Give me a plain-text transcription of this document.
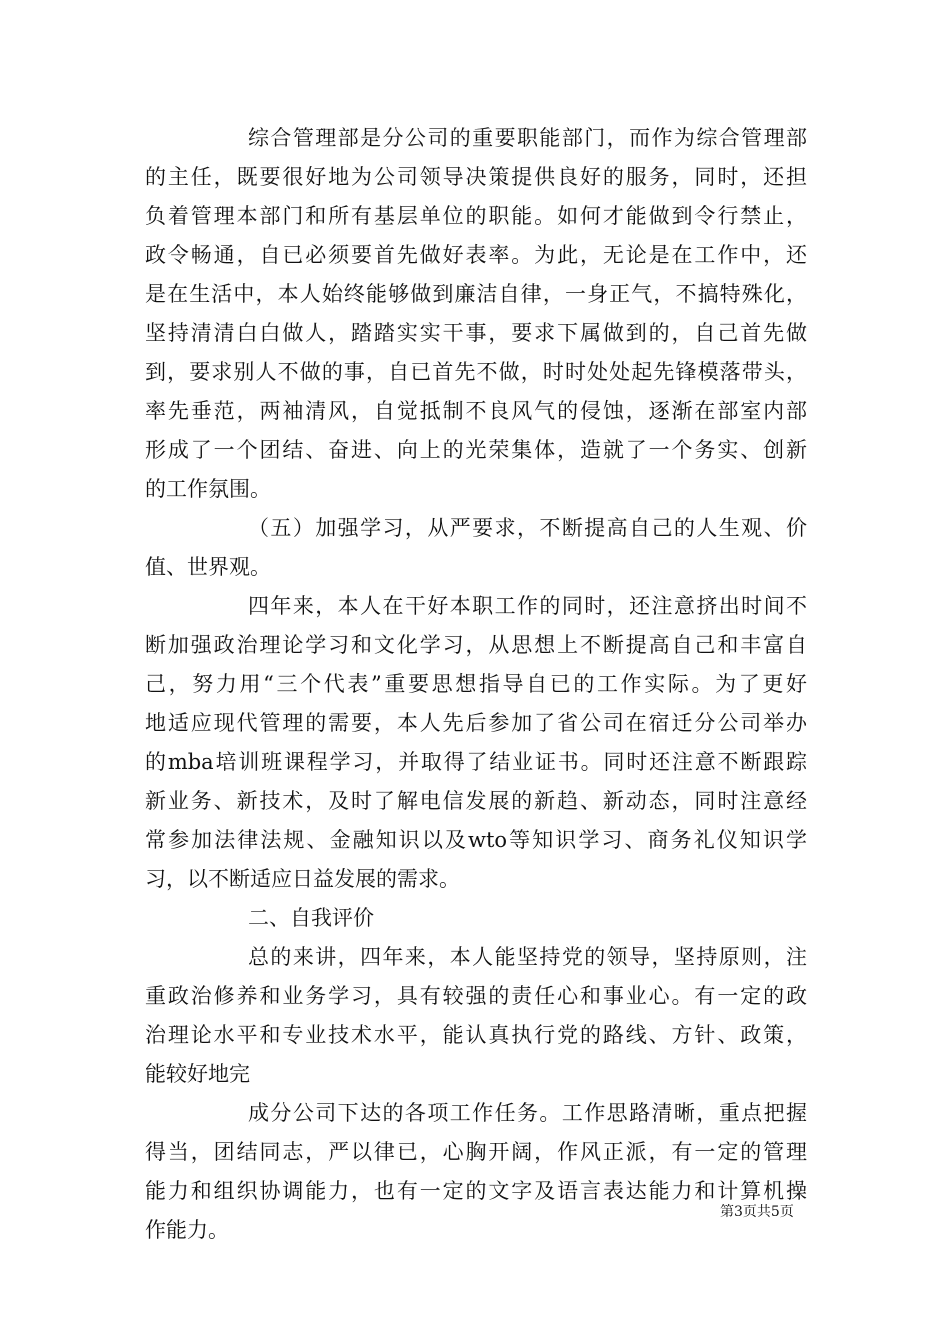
综合管理部是分公司的重要职能部门，而作为综合管理部
的主任，既要很好地为公司领导决策提供良好的服务，同时，还担
负着管理本部门和所有基层单位的职能。如何才能做到令行禁止，
政令畅通，自已必须要首先做好表率。为此，无论是在工作中，还
是在生活中，本人始终能够做到廉洁自律，一身正气，不搞特殊化，
坚持清清白白做人，踏踏实实干事，要求下属做到的，自己首先做
到，要求别人不做的事，自已首先不做，时时处处起先锋模落带头，
率先垂范，两袖清风，自觉抵制不良风气的侵蚀，逐渐在部室内部
形成了一个团结、奋进、向上的光荣集体，造就了一个务实、创新
的工作氛围。
（五）加强学习，从严要求，不断提高自己的人生观、价
值、世界观。
四年来，本人在干好本职工作的同时，还注意挤出时间不
断加强政治理论学习和文化学习，从思想上不断提高自己和丰富自
己，努力用“三个代表”重要思想指导自已的工作实际。为了更好
地适应现代管理的需要，本人先后参加了省公司在宿迁分公司举办
的mba培训班课程学习，并取得了结业证书。同时还注意不断跟踪
新业务、新技术，及时了解电信发展的新趋、新动态，同时注意经
常参加法律法规、金融知识以及wto等知识学习、商务礼仪知识学
习，以不断适应日益发展的需求。
二、自我评价
总的来讲，四年来，本人能坚持党的领导，坚持原则，注
重政治修养和业务学习，具有较强的责任心和事业心。有一定的政
治理论水平和专业技术水平，能认真执行党的路线、方针、政策，
能较好地完
成分公司下达的各项工作任务。工作思路清晰，重点把握
得当，团结同志，严以律已，心胸开阔，作风正派，有一定的管理
能力和组织协调能力，也有一定的文字及语言表达能力和计算机操
作能力。
第3页共5页
